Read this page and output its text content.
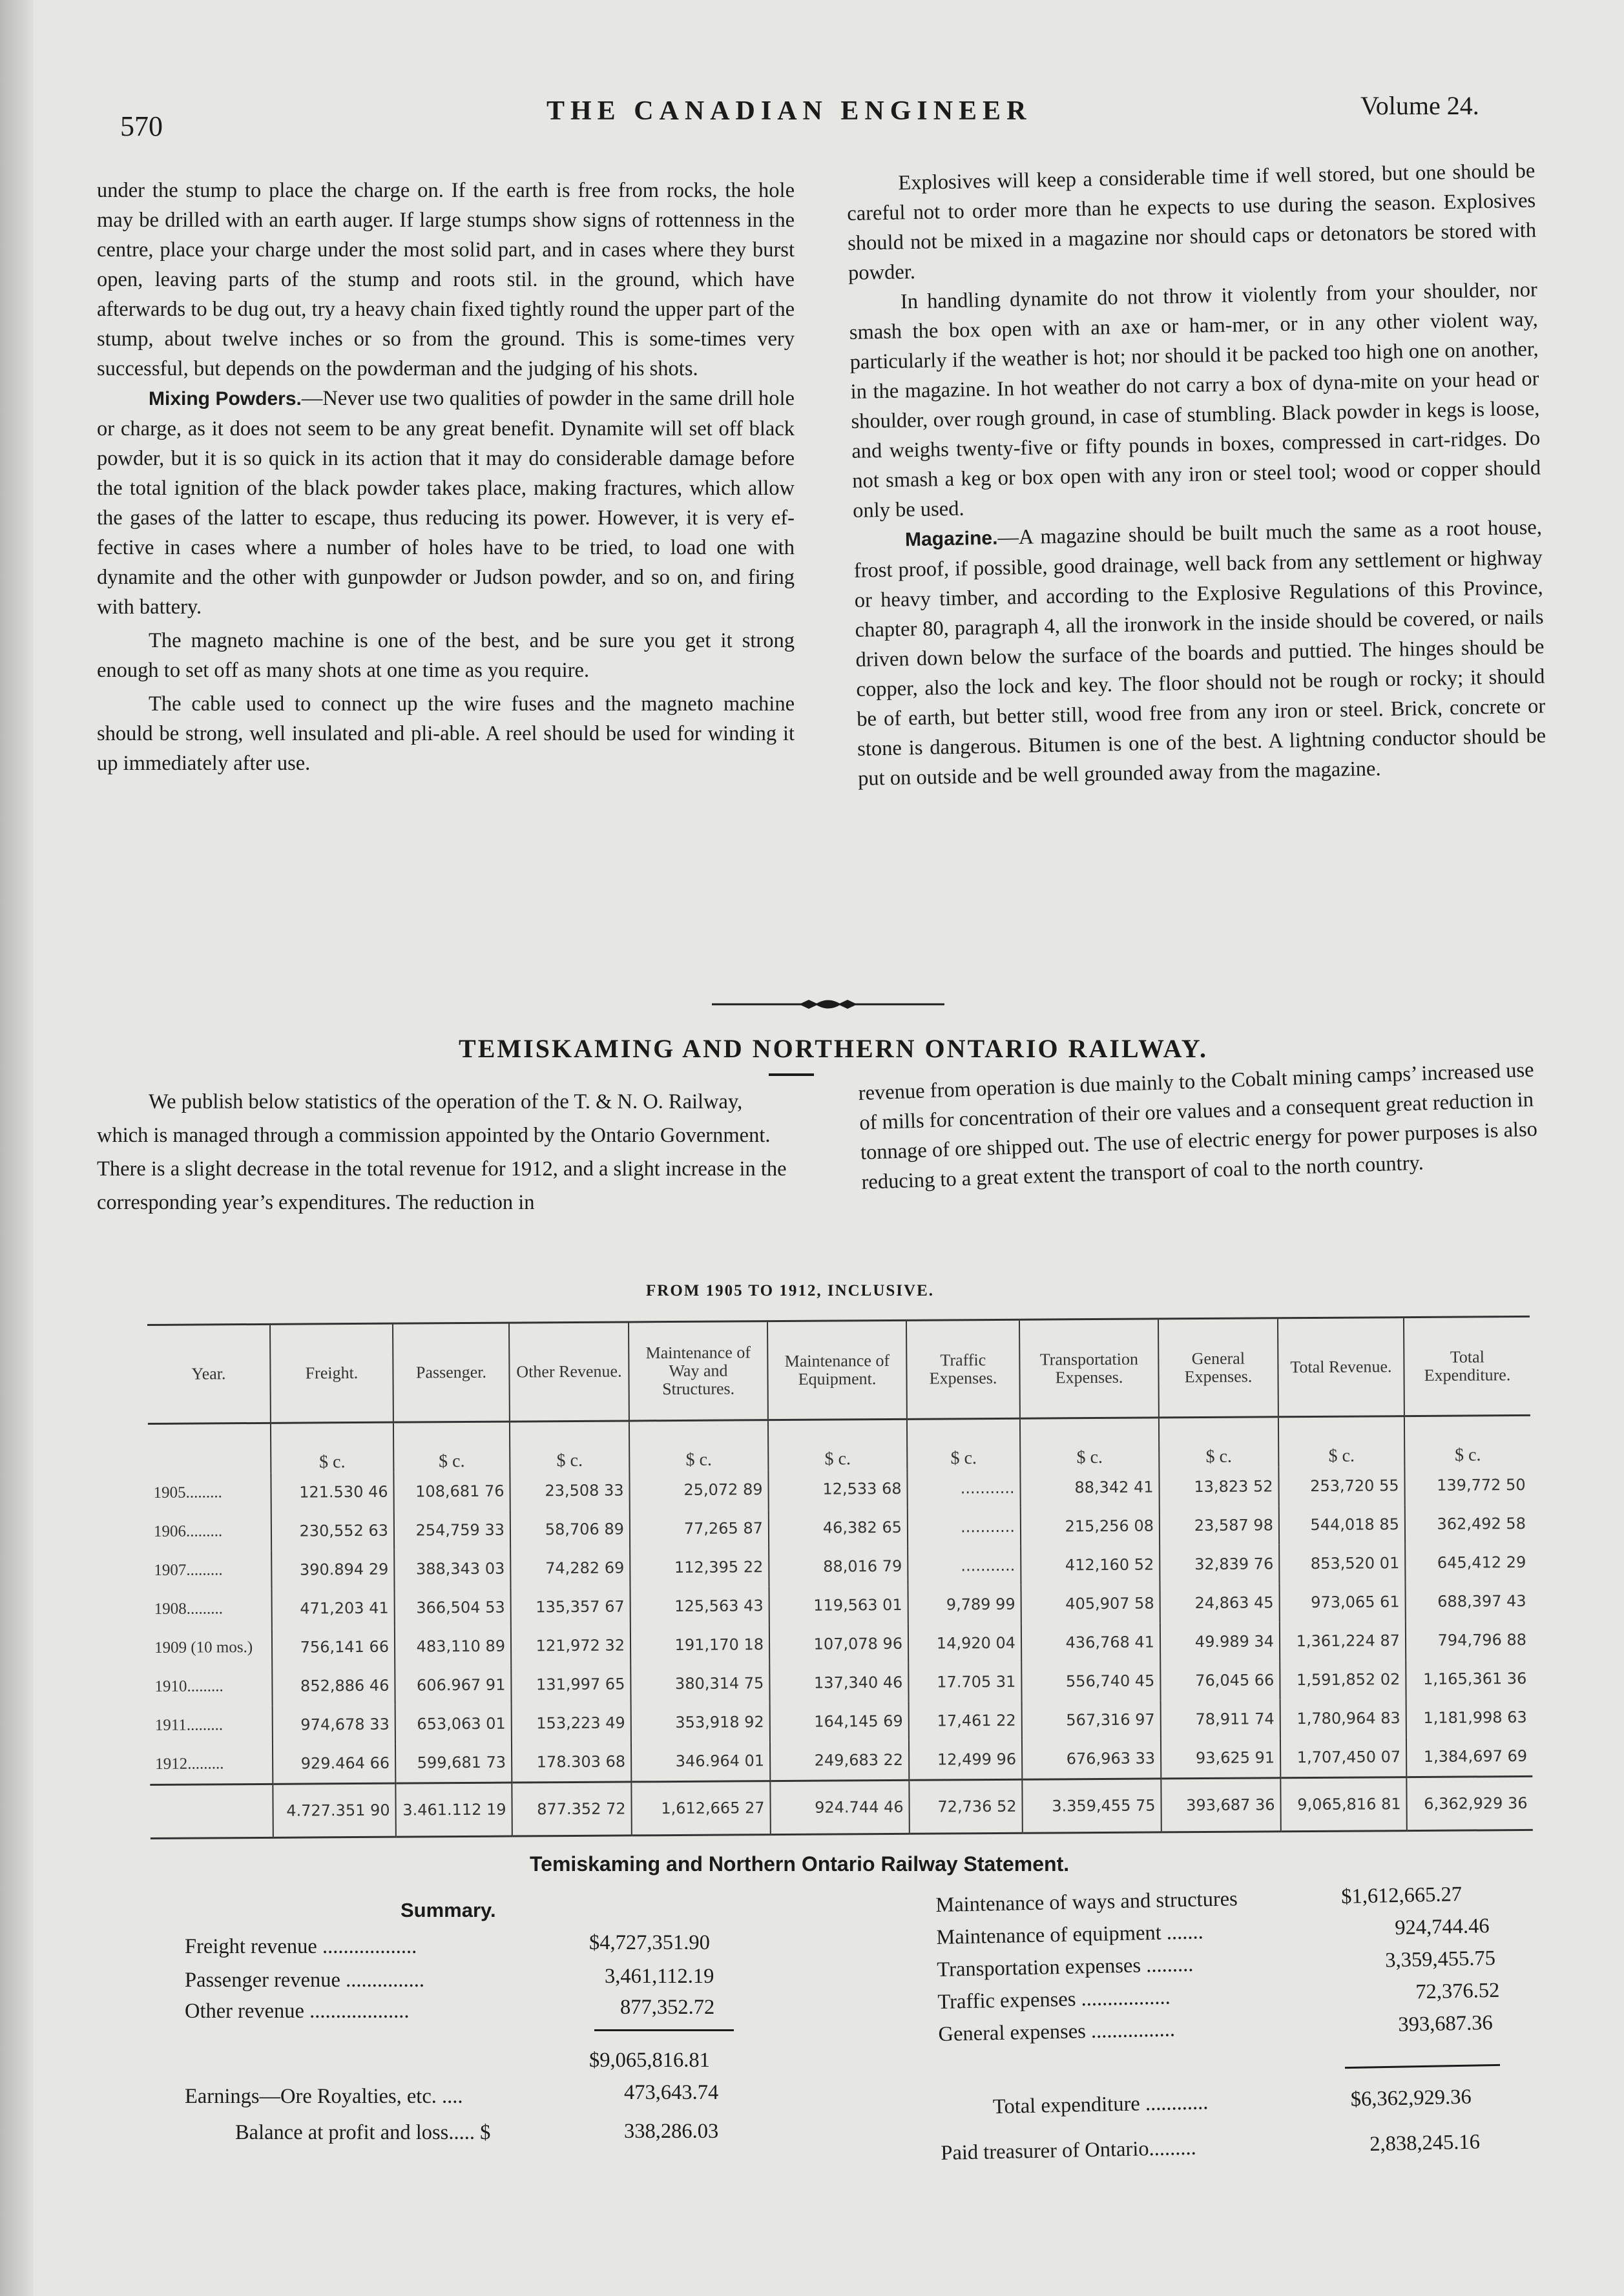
570	THE CANADIAN ENGINEER	Volume 24.

under the stump to place the charge on. If the earth is free from rocks, the hole may be drilled with an earth auger. If large stumps show signs of rottenness in the centre, place your charge under the most solid part, and in cases where they burst open, leaving parts of the stump and roots stil. in the ground, which have afterwards to be dug out, try a heavy chain fixed tightly round the upper part of the stump, about twelve inches or so from the ground. This is some-times very successful, but depends on the powderman and the judging of his shots.

Mixing Powders.—Never use two qualities of powder in the same drill hole or charge, as it does not seem to be any great benefit. Dynamite will set off black powder, but it is so quick in its action that it may do considerable damage before the total ignition of the black powder takes place, making fractures, which allow the gases of the latter to escape, thus reducing its power. However, it is very ef-fective in cases where a number of holes have to be tried, to load one with dynamite and the other with gunpowder or Judson powder, and so on, and firing with battery.

The magneto machine is one of the best, and be sure you get it strong enough to set off as many shots at one time as you require.

The cable used to connect up the wire fuses and the magneto machine should be strong, well insulated and pli-able. A reel should be used for winding it up immediately after use.

Explosives will keep a considerable time if well stored, but one should be careful not to order more than he expects to use during the season. Explosives should not be mixed in a magazine nor should caps or detonators be stored with powder.

In handling dynamite do not throw it violently from your shoulder, nor smash the box open with an axe or ham-mer, or in any other violent way, particularly if the weather is hot; nor should it be packed too high one on another, in the magazine. In hot weather do not carry a box of dyna-mite on your head or shoulder, over rough ground, in case of stumbling. Black powder in kegs is loose, and weighs twenty-five or fifty pounds in boxes, compressed in cart-ridges. Do not smash a keg or box open with any iron or steel tool; wood or copper should only be used.

Magazine.—A magazine should be built much the same as a root house, frost proof, if possible, good drainage, well back from any settlement or highway or heavy timber, and according to the Explosive Regulations of this Province, chapter 80, paragraph 4, all the ironwork in the inside should be covered, or nails driven down below the surface of the boards and puttied. The hinges should be copper, also the lock and key. The floor should not be rough or rocky; it should be of earth, but better still, wood free from any iron or steel. Brick, concrete or stone is dangerous. Bitumen is one of the best. A lightning conductor should be put on outside and be well grounded away from the magazine.

TEMISKAMING AND NORTHERN ONTARIO RAILWAY.
We publish below statistics of the operation of the T. & N. O. Railway, which is managed through a commission appointed by the Ontario Government. There is a slight decrease in the total revenue for 1912, and a slight increase in the corresponding year’s expenditures. The reduction in
revenue from operation is due mainly to the Cobalt mining camps’ increased use of mills for concentration of their ore values and a consequent great reduction in tonnage of ore shipped out. The use of electric energy for power purposes is also reducing to a great extent the transport of coal to the north country.
FROM 1905 TO 1912, INCLUSIVE.
Year.	Freight.	Passenger.	Other Revenue.	Maintenance of Way and Structures.	Maintenance of Equipment.	Traffic Expenses.	Transportation Expenses.	General Expenses.	Total Revenue.	Total Expenditure.
	$ c.	$ c.	$ c.	$ c.	$ c.	$ c.	$ c.	$ c.	$ c.	$ c.
1905.........	121.530 46	108,681 76	23,508 33	25,072 89	12,533 68	...........	88,342 41	13,823 52	253,720 55	139,772 50
1906.........	230,552 63	254,759 33	58,706 89	77,265 87	46,382 65	...........	215,256 08	23,587 98	544,018 85	362,492 58
1907.........	390.894 29	388,343 03	74,282 69	112,395 22	88,016 79	...........	412,160 52	32,839 76	853,520 01	645,412 29
1908.........	471,203 41	366,504 53	135,357 67	125,563 43	119,563 01	9,789 99	405,907 58	24,863 45	973,065 61	688,397 43
1909 (10 mos.)	756,141 66	483,110 89	121,972 32	191,170 18	107,078 96	14,920 04	436,768 41	49.989 34	1,361,224 87	794,796 88
1910.........	852,886 46	606.967 91	131,997 65	380,314 75	137,340 46	17.705 31	556,740 45	76,045 66	1,591,852 02	1,165,361 36
1911.........	974,678 33	653,063 01	153,223 49	353,918 92	164,145 69	17,461 22	567,316 97	78,911 74	1,780,964 83	1,181,998 63
1912.........	929.464 66	599,681 73	178.303 68	346.964 01	249,683 22	12,499 96	676,963 33	93,625 91	1,707,450 07	1,384,697 69
	4.727.351 90	3.461.112 19	877.352 72	1,612,665 27	924.744 46	72,736 52	3.359,455 75	393,687 36	9,065,816 81	6,362,929 36
Temiskaming and Northern Ontario Railway Statement.
Summary.
Freight revenue ..................	$4,727,351.90
Passenger revenue ...............	3,461,112.19
Other revenue ...................	877,352.72
$9,065,816.81
Earnings—Ore Royalties, etc. ....	473,643.74
Balance at profit and loss..... $	338,286.03
Maintenance of ways and structures	$1,612,665.27
Maintenance of equipment .......	924,744.46
Transportation expenses .........	3,359,455.75
Traffic expenses .................	72,376.52
General expenses ................	393,687.36
Total expenditure ............	$6,362,929.36
Paid treasurer of Ontario.........	2,838,245.16
